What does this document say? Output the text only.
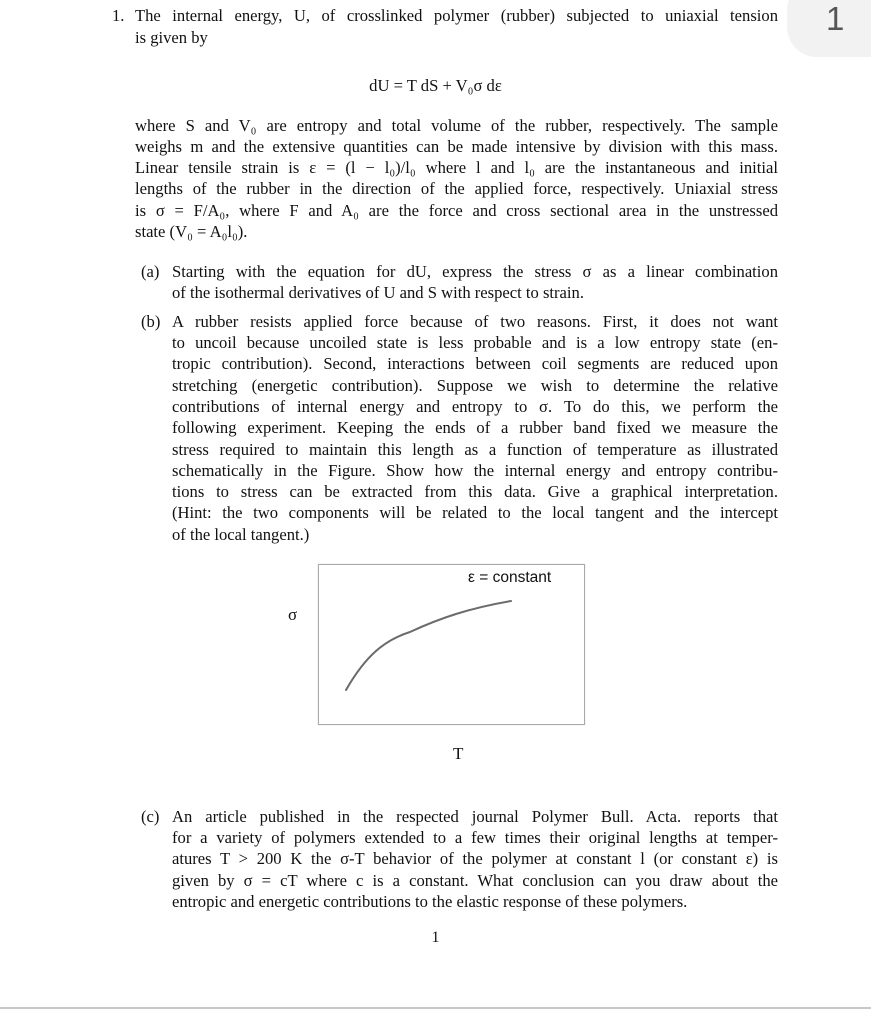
1
1. The internal energy, U, of crosslinked polymer (rubber) subjected to uniaxial tension
is given by
dU = T dS + V₀σ dε
where S and V₀ are entropy and total volume of the rubber, respectively. The sample
weighs m and the extensive quantities can be made intensive by division with this mass.
Linear tensile strain is ε = (l − l₀)/l₀ where l and l₀ are the instantaneous and initial
lengths of the rubber in the direction of the applied force, respectively. Uniaxial stress
is σ = F/A₀, where F and A₀ are the force and cross sectional area in the unstressed
state (V₀ = A₀l₀).
(a) Starting with the equation for dU, express the stress σ as a linear combination
of the isothermal derivatives of U and S with respect to strain.
(b) A rubber resists applied force because of two reasons. First, it does not want
to uncoil because uncoiled state is less probable and is a low entropy state (en-
tropic contribution). Second, interactions between coil segments are reduced upon
stretching (energetic contribution). Suppose we wish to determine the relative
contributions of internal energy and entropy to σ. To do this, we perform the
following experiment. Keeping the ends of a rubber band fixed we measure the
stress required to maintain this length as a function of temperature as illustrated
schematically in the Figure. Show how the internal energy and entropy contribu-
tions to stress can be extracted from this data. Give a graphical interpretation.
(Hint: the two components will be related to the local tangent and the intercept
of the local tangent.)
ε = constant
σ
T
(c) An article published in the respected journal Polymer Bull. Acta. reports that
for a variety of polymers extended to a few times their original lengths at temper-
atures T > 200 K the σ-T behavior of the polymer at constant l (or constant ε) is
given by σ = cT where c is a constant. What conclusion can you draw about the
entropic and energetic contributions to the elastic response of these polymers.
1
